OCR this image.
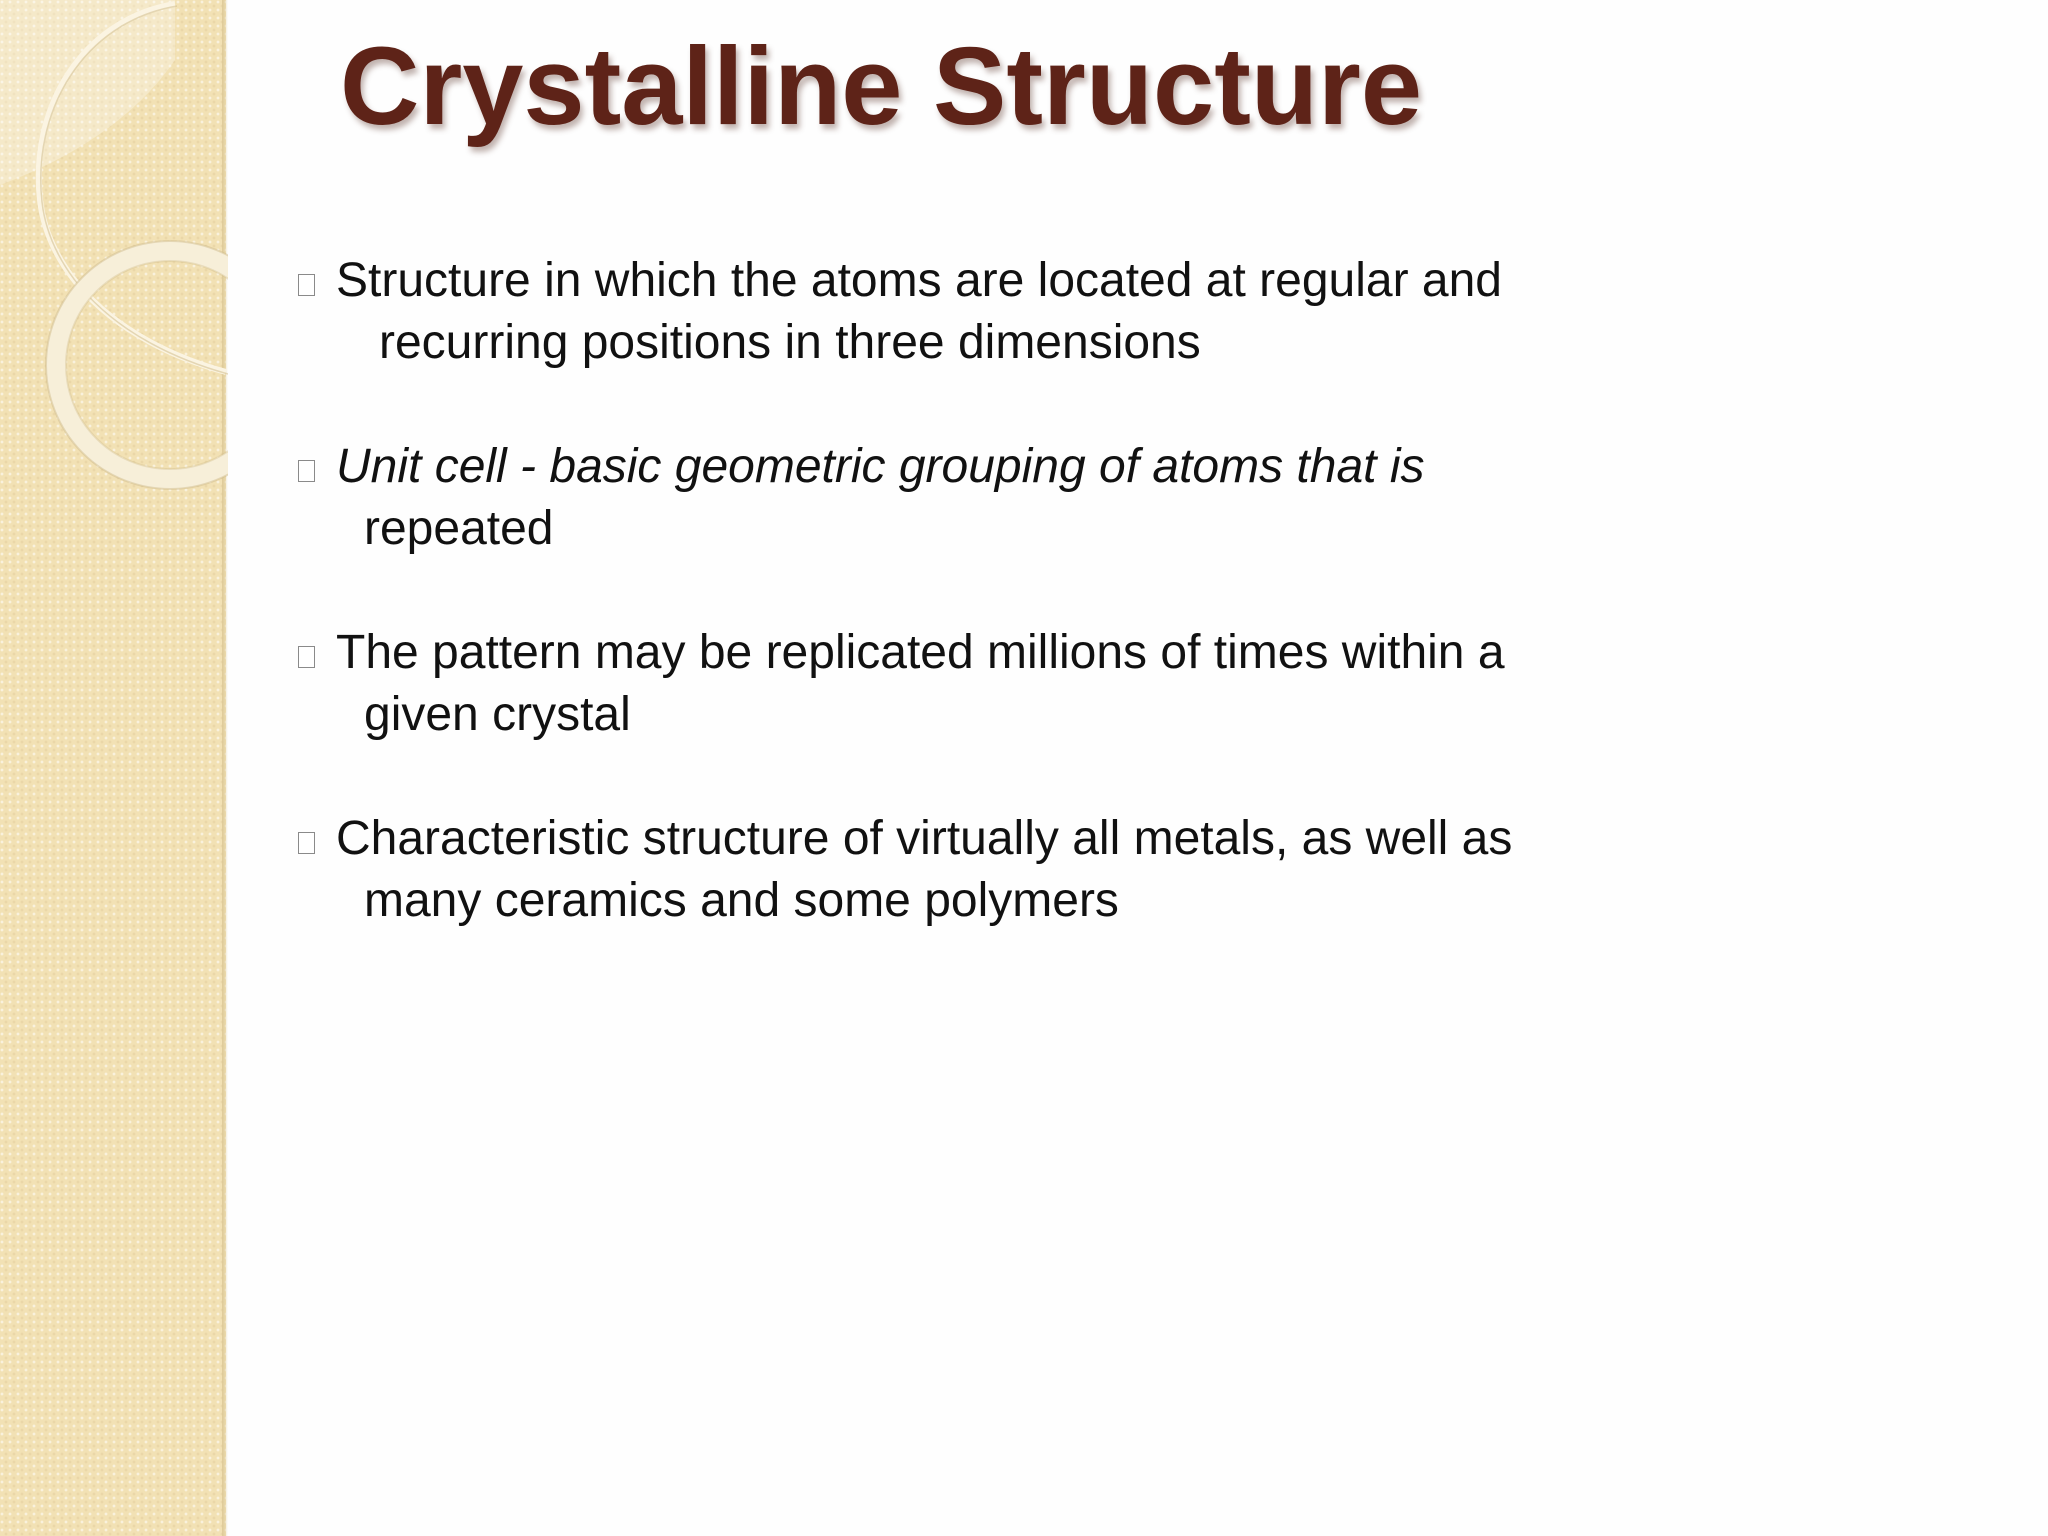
Crystalline Structure
Structure in which the atoms are located at regular and
recurring positions in three dimensions
Unit cell - basic geometric grouping of atoms that is
repeated
The pattern may be replicated millions of times within a
given crystal
Characteristic structure of virtually all metals, as well as
many ceramics and some polymers
